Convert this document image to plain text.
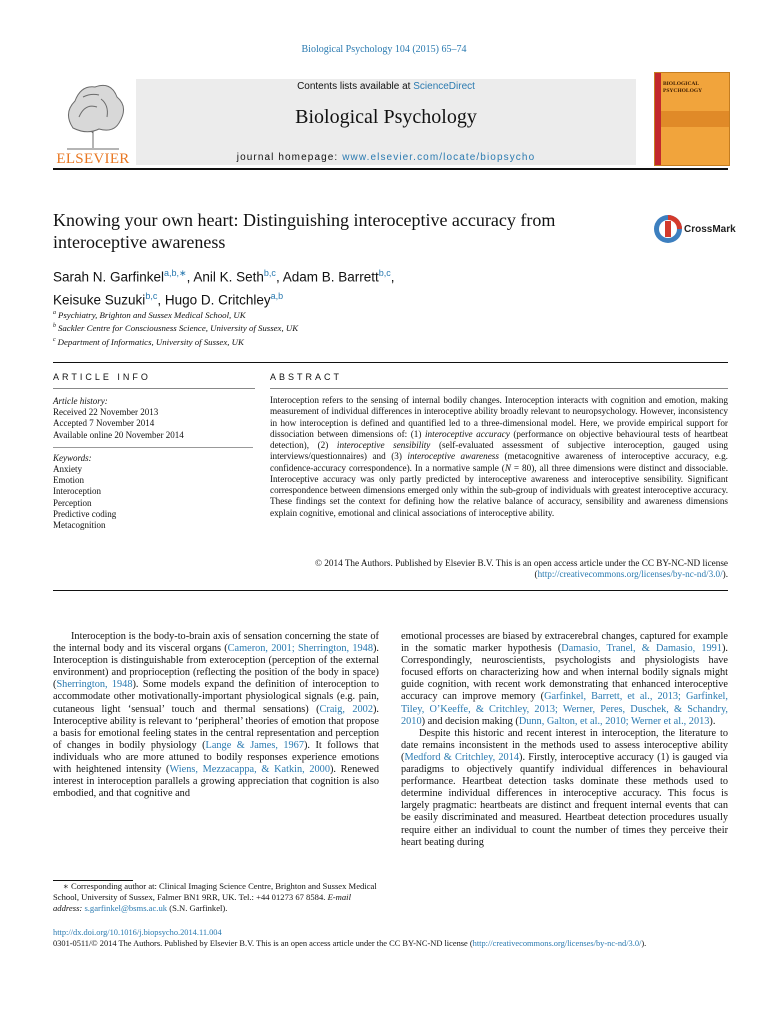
Biological Psychology 104 (2015) 65–74
ELSEVIER
Contents lists available at ScienceDirect
Biological Psychology
journal homepage: www.elsevier.com/locate/biopsycho
BIOLOGICAL PSYCHOLOGY
Knowing your own heart: Distinguishing interoceptive accuracy from interoceptive awareness
CrossMark
Sarah N. Garfinkel$^{a,b,∗}$, Anil K. Seth$^{b,c}$, Adam B. Barrett$^{b,c}$,
Keisuke Suzuki$^{b,c}$, Hugo D. Critchley$^{a,b}$
$^a$ Psychiatry, Brighton and Sussex Medical School, UK
$^b$ Sackler Centre for Consciousness Science, University of Sussex, UK
$^c$ Department of Informatics, University of Sussex, UK
ARTICLE INFO	ABSTRACT
Article history:
Received 22 November 2013
Accepted 7 November 2014
Available online 20 November 2014
Keywords:
Anxiety
Emotion
Interoception
Perception
Predictive coding
Metacognition
Interoception refers to the sensing of internal bodily changes. Interoception interacts with cognition and emotion, making measurement of individual differences in interoceptive ability broadly relevant to neuropsychology. However, inconsistency in how interoception is defined and quantified led to a three-dimensional model. Here, we provide empirical support for dissociation between dimensions of: (1) interoceptive accuracy (performance on objective behavioural tests of heartbeat detection), (2) interoceptive sensibility (self-evaluated assessment of subjective interoception, gauged using interviews/questionnaires) and (3) interoceptive awareness (metacognitive awareness of interoceptive accuracy, e.g. confidence-accuracy correspondence). In a normative sample (N = 80), all three dimensions were distinct and dissociable. Interoceptive accuracy was only partly predicted by interoceptive awareness and interoceptive sensibility. Significant correspondence between dimensions emerged only within the sub-group of individuals with greatest interoceptive accuracy. These findings set the context for defining how the relative balance of accuracy, sensibility and awareness dimensions explain cognitive, emotional and clinical associations of interoceptive ability.
© 2014 The Authors. Published by Elsevier B.V. This is an open access article under the CC BY-NC-ND license (http://creativecommons.org/licenses/by-nc-nd/3.0/).

Interoception is the body-to-brain axis of sensation concerning the state of the internal body and its visceral organs (Cameron, 2001; Sherrington, 1948). Interoception is distinguishable from exteroception (perception of the external environment) and proprioception (reflecting the position of the body in space) (Sherrington, 1948). Some models expand the definition of interoception to accommodate other motivationally-important physiological signals (e.g. pain, cutaneous light ‘sensual’ touch and thermal sensations) (Craig, 2002). Interoceptive ability is relevant to ‘peripheral’ theories of emotion that propose a basis for emotional feeling states in the central representation and perception of changes in bodily physiology (Lange & James, 1967). It follows that individuals who are more attuned to bodily responses experience emotions with heightened intensity (Wiens, Mezzacappa, & Katkin, 2000). Renewed interest in interoception parallels a growing appreciation that cognition is also embodied, and that cognitive and

emotional processes are biased by extracerebral changes, captured for example in the somatic marker hypothesis (Damasio, Tranel, & Damasio, 1991). Correspondingly, neuroscientists, psychologists and physiologists have focused efforts on characterizing how and when internal bodily signals might guide cognition, with recent work demonstrating that enhanced interoceptive accuracy can improve memory (Garfinkel, Barrett, et al., 2013; Garfinkel, Tiley, O’Keeffe, & Critchley, 2013; Werner, Peres, Duschek, & Schandry, 2010) and decision making (Dunn, Galton, et al., 2010; Werner et al., 2013).

Despite this historic and recent interest in interoception, the literature to date remains inconsistent in the methods used to assess interoceptive ability (Medford & Critchley, 2014). Firstly, interoceptive accuracy (1) is gauged via paradigms to objectively quantify individual differences in behavioural performance. Heartbeat detection tasks dominate these methods used to determine individual differences in interoceptive accuracy. This focus is largely pragmatic: heartbeats are distinct and frequent internal events that can be easily discriminated and measured. Heartbeat detection procedures usually require either an individual to count the number of times they perceive their heart beating during

∗ Corresponding author at: Clinical Imaging Science Centre, Brighton and Sussex Medical School, University of Sussex, Falmer BN1 9RR, UK. Tel.: +44 01273 67 8584. E-mail address: s.garfinkel@bsms.ac.uk (S.N. Garfinkel).
http://dx.doi.org/10.1016/j.biopsycho.2014.11.004
0301-0511/© 2014 The Authors. Published by Elsevier B.V. This is an open access article under the CC BY-NC-ND license (http://creativecommons.org/licenses/by-nc-nd/3.0/).
